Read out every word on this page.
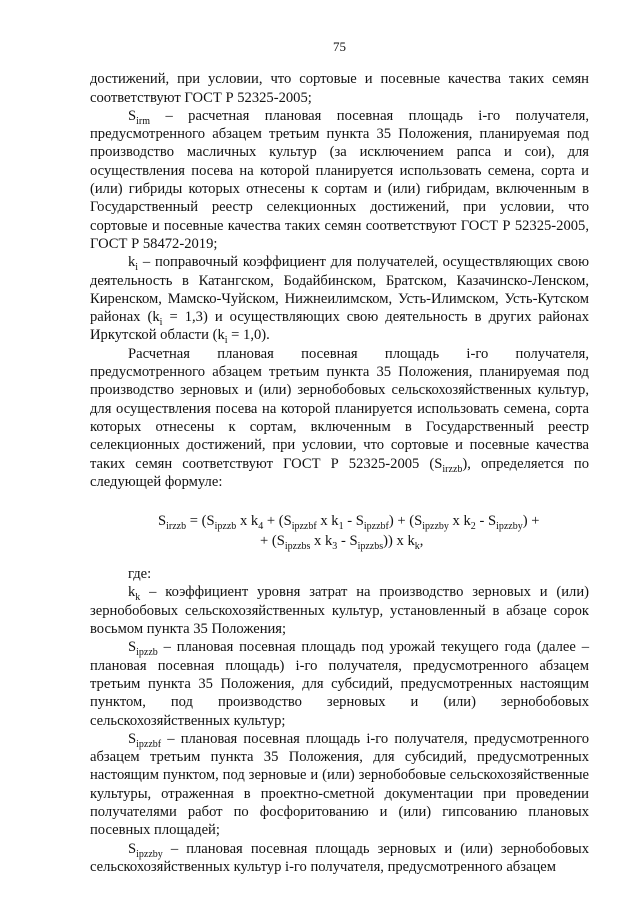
75

достижений, при условии, что сортовые и посевные качества таких семян соответствуют ГОСТ Р 52325-2005;

$S_{irm}$ – расчетная плановая посевная площадь i-го получателя, предусмотренного абзацем третьим пункта 35 Положения, планируемая под производство масличных культур (за исключением рапса и сои), для осуществления посева на которой планируется использовать семена, сорта и (или) гибриды которых отнесены к сортам и (или) гибридам, включенным в Государственный реестр селекционных достижений, при условии, что сортовые и посевные качества таких семян соответствуют ГОСТ Р 52325-2005, ГОСТ Р 58472-2019;

$k_i$ – поправочный коэффициент для получателей, осуществляющих свою деятельность в Катангском, Бодайбинском, Братском, Казачинско-Ленском, Киренском, Мамско-Чуйском, Нижнеилимском, Усть-Илимском, Усть-Кутском районах $(k_i = 1,3)$ и осуществляющих свою деятельность в других районах Иркутской области $(k_i = 1,0)$.

Расчетная плановая посевная площадь i-го получателя, предусмотренного абзацем третьим пункта 35 Положения, планируемая под производство зерновых и (или) зернобобовых сельскохозяйственных культур, для осуществления посева на которой планируется использовать семена, сорта которых отнесены к сортам, включенным в Государственный реестр селекционных достижений, при условии, что сортовые и посевные качества таких семян соответствуют ГОСТ Р 52325-2005 $(S_{irzzb})$, определяется по следующей формуле:

$S_{irzzb} = (S_{ipzzb}$ x $k_4 + (S_{ipzzbf}$ x $k_1 - S_{ipzzbf}) + (S_{ipzzby}$ x $k_2 - S_{ipzzby}$) +
+ ($S_{ipzzbs}$ x $k_3 - S_{ipzzbs}$)) x $k_k$,

где:

$k_k$ – коэффициент уровня затрат на производство зерновых и (или) зернобобовых сельскохозяйственных культур, установленный в абзаце сорок восьмом пункта 35 Положения;

$S_{ipzzb}$ – плановая посевная площадь под урожай текущего года (далее – плановая посевная площадь) i-го получателя, предусмотренного абзацем третьим пункта 35 Положения, для субсидий, предусмотренных настоящим пунктом, под производство зерновых и (или) зернобобовых сельскохозяйственных культур;

$S_{ipzzbf}$ – плановая посевная площадь i-го получателя, предусмотренного абзацем третьим пункта 35 Положения, для субсидий, предусмотренных настоящим пунктом, под зерновые и (или) зернобобовые сельскохозяйственные культуры, отраженная в проектно-сметной документации при проведении получателями работ по фосфоритованию и (или) гипсованию плановых посевных площадей;

$S_{ipzzby}$ – плановая посевная площадь зерновых и (или) зернобобовых сельскохозяйственных культур i-го получателя, предусмотренного абзацем
